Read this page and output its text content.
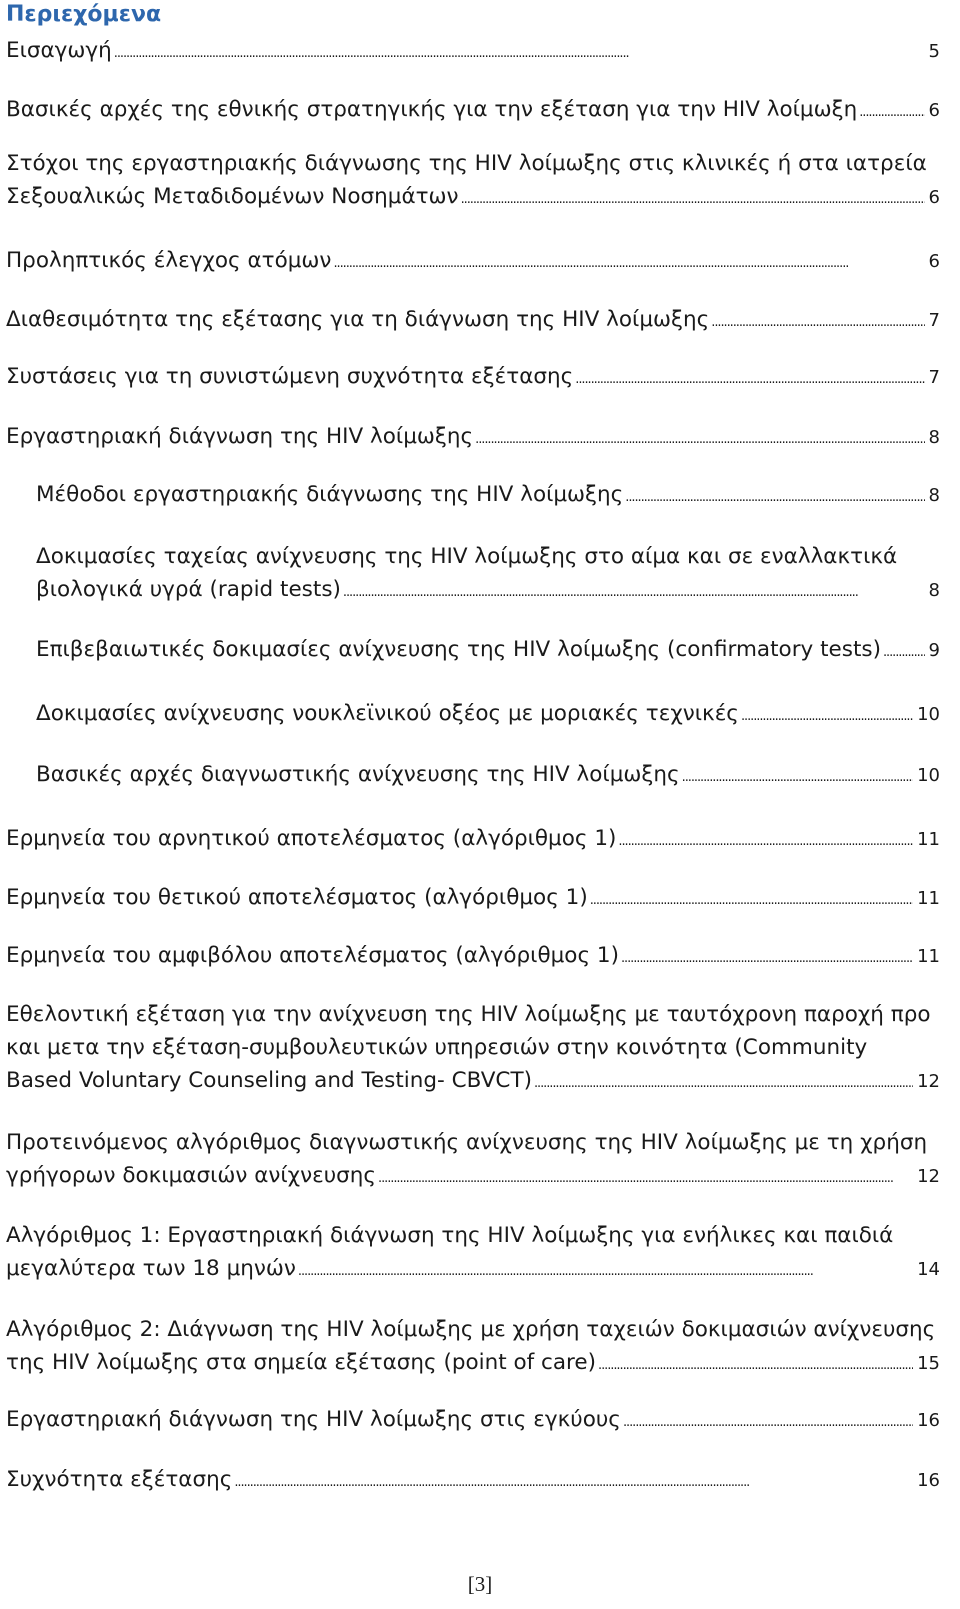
Περιεχόμενα
Εισαγωγή . . .	5
Βασικές αρχές της εθνικής στρατηγικής για την εξέταση για την HIV λοίμωξη . . .	6
Στόχοι της εργαστηριακής διάγνωσης της HIV λοίμωξης στις κλινικές ή στα ιατρεία
Σεξουαλικώς Μεταδιδομένων Νοσημάτων . . .	6
Προληπτικός έλεγχος ατόμων . . .	6
Διαθεσιμότητα της εξέτασης για τη διάγνωση της HIV λοίμωξης . . .	7
Συστάσεις για τη συνιστώμενη συχνότητα εξέτασης . . .	7
Εργαστηριακή διάγνωση της HIV λοίμωξης . . .	8
Μέθοδοι εργαστηριακής διάγνωσης της HIV λοίμωξης . . .	8
Δοκιμασίες ταχείας ανίχνευσης της HIV λοίμωξης στο αίμα και σε εναλλακτικά
βιολογικά υγρά (rapid tests) . . .	8
Επιβεβαιωτικές δοκιμασίες ανίχνευσης της HIV λοίμωξης (confirmatory tests) . . .	9
Δοκιμασίες ανίχνευσης νουκλεϊνικού οξέος με μοριακές τεχνικές . . .	10
Βασικές αρχές διαγνωστικής ανίχνευσης της HIV λοίμωξης . . .	10
Ερμηνεία του αρνητικού αποτελέσματος (αλγόριθμος 1) . . .	11
Ερμηνεία του θετικού αποτελέσματος (αλγόριθμος 1) . . .	11
Ερμηνεία του αμφιβόλου αποτελέσματος (αλγόριθμος 1) . . .	11
Εθελοντική εξέταση για την ανίχνευση της HIV λοίμωξης με ταυτόχρονη παροχή προ
και μετα την εξέταση-συμβουλευτικών υπηρεσιών στην κοινότητα (Community
Based Voluntary Counseling and Testing- CBVCT) . . .	12
Προτεινόμενος αλγόριθμος διαγνωστικής ανίχνευσης της HIV λοίμωξης με τη χρήση
γρήγορων δοκιμασιών ανίχνευσης . . .	12
Αλγόριθμος 1: Εργαστηριακή διάγνωση της HIV λοίμωξης για ενήλικες και παιδιά
μεγαλύτερα των 18 μηνών . . .	14
Αλγόριθμος 2: Διάγνωση της HIV λοίμωξης με χρήση ταχειών δοκιμασιών ανίχνευσης
της HIV λοίμωξης στα σημεία εξέτασης (point of care) . . .	15
Εργαστηριακή διάγνωση της HIV λοίμωξης στις εγκύους . . .	16
Συχνότητα εξέτασης . . .	16
[3]
